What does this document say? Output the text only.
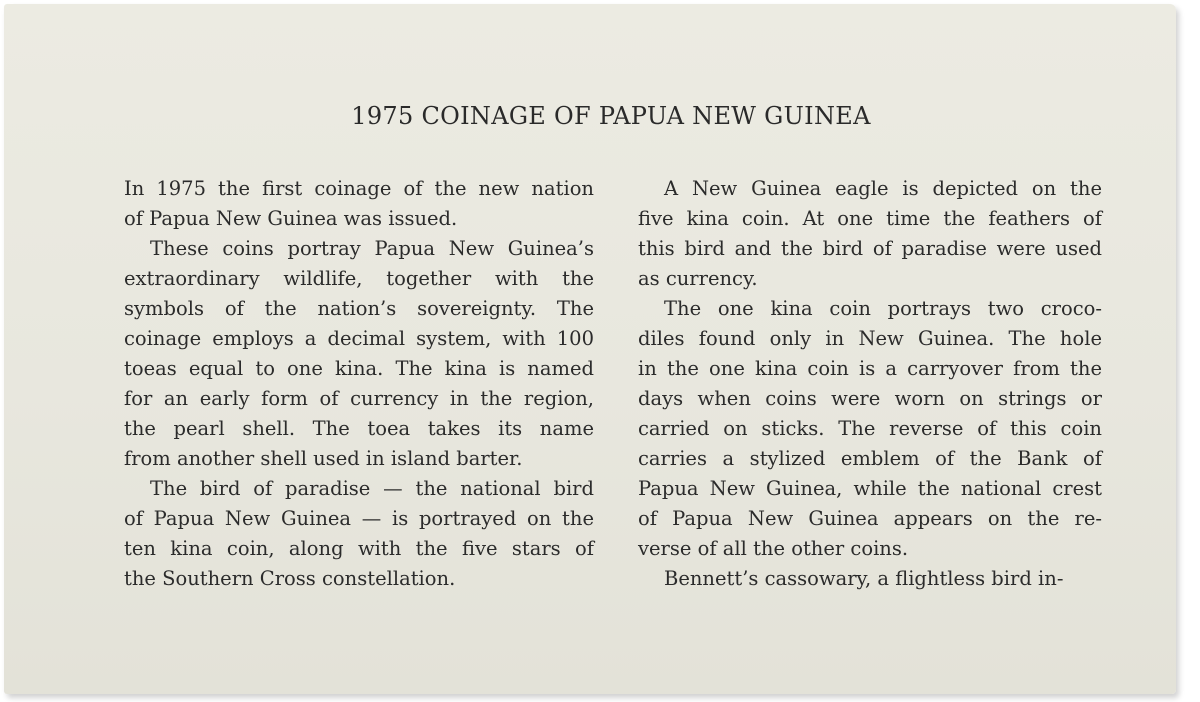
1975 COINAGE OF PAPUA NEW GUINEA
In 1975 the first coinage of the new nation
of Papua New Guinea was issued.
These coins portray Papua New Guinea’s
extraordinary wildlife, together with the
symbols of the nation’s sovereignty. The
coinage employs a decimal system, with 100
toeas equal to one kina. The kina is named
for an early form of currency in the region,
the pearl shell. The toea takes its name
from another shell used in island barter.
The bird of paradise — the national bird
of Papua New Guinea — is portrayed on the
ten kina coin, along with the five stars of
the Southern Cross constellation.
A New Guinea eagle is depicted on the
five kina coin. At one time the feathers of
this bird and the bird of paradise were used
as currency.
The one kina coin portrays two croco-
diles found only in New Guinea. The hole
in the one kina coin is a carryover from the
days when coins were worn on strings or
carried on sticks. The reverse of this coin
carries a stylized emblem of the Bank of
Papua New Guinea, while the national crest
of Papua New Guinea appears on the re-
verse of all the other coins.
Bennett’s cassowary, a flightless bird in-
